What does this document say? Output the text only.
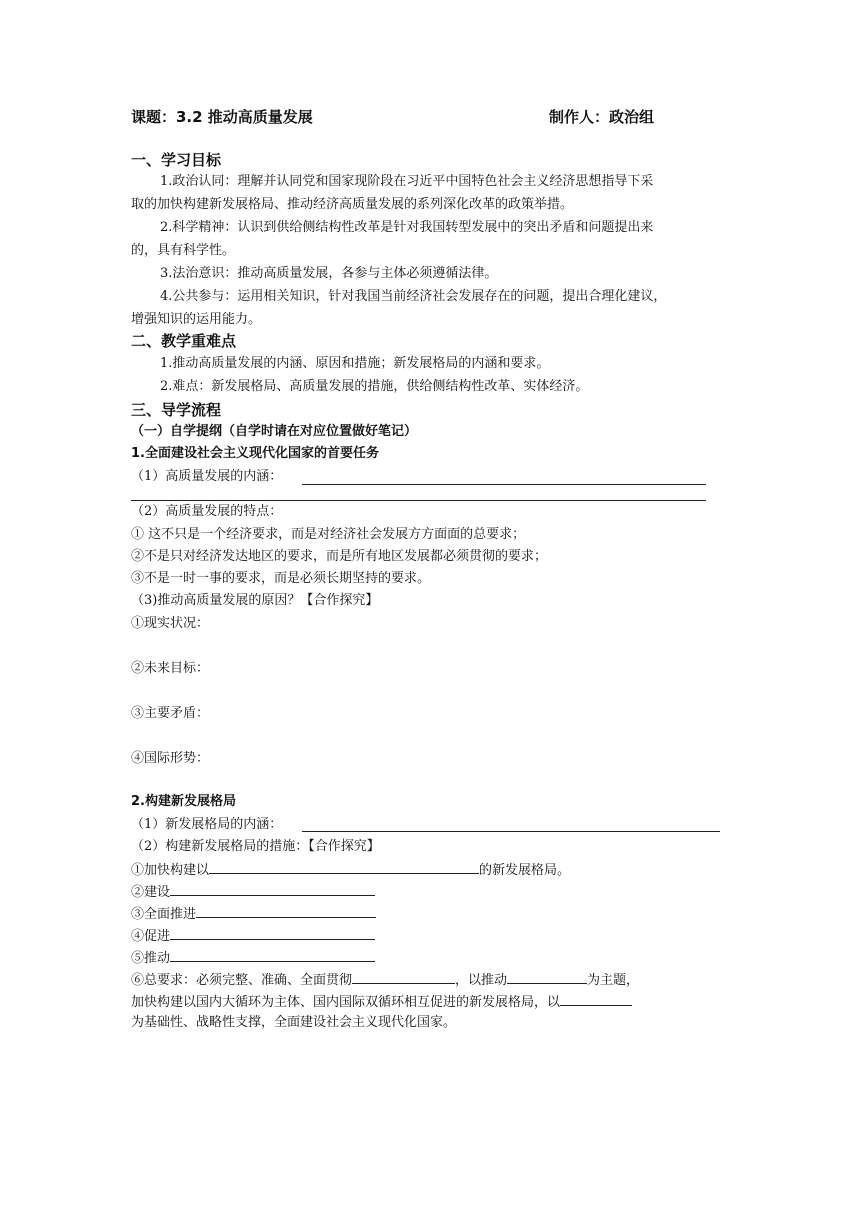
课题：3.2 推动高质量发展	制作人：政治组
一、学习目标
1.政治认同：理解并认同党和国家现阶段在习近平中国特色社会主义经济思想指导下采
取的加快构建新发展格局、推动经济高质量发展的系列深化改革的政策举措。
2.科学精神：认识到供给侧结构性改革是针对我国转型发展中的突出矛盾和问题提出来
的，具有科学性。
3.法治意识：推动高质量发展，各参与主体必须遵循法律。
4.公共参与：运用相关知识，针对我国当前经济社会发展存在的问题，提出合理化建议，
增强知识的运用能力。
二、教学重难点
1.推动高质量发展的内涵、原因和措施；新发展格局的内涵和要求。
2.难点：新发展格局、高质量发展的措施，供给侧结构性改革、实体经济。
三、导学流程
（一）自学提纲（自学时请在对应位置做好笔记）
1.全面建设社会主义现代化国家的首要任务
（1）高质量发展的内涵：
（2）高质量发展的特点：
① 这不只是一个经济要求，而是对经济社会发展方方面面的总要求；
②不是只对经济发达地区的要求，而是所有地区发展都必须贯彻的要求；
③不是一时一事的要求，而是必须长期坚持的要求。
（3)推动高质量发展的原因？【合作探究】
①现实状况：
②未来目标：
③主要矛盾：
④国际形势：
2.构建新发展格局
（1）新发展格局的内涵：
（2）构建新发展格局的措施：【合作探究】
①加快构建以	的新发展格局。
②建设
③全面推进
④促进
⑤推动
⑥总要求：必须完整、准确、全面贯彻	，以推动	为主题，
加快构建以国内大循环为主体、国内国际双循环相互促进的新发展格局，以
为基础性、战略性支撑，全面建设社会主义现代化国家。
